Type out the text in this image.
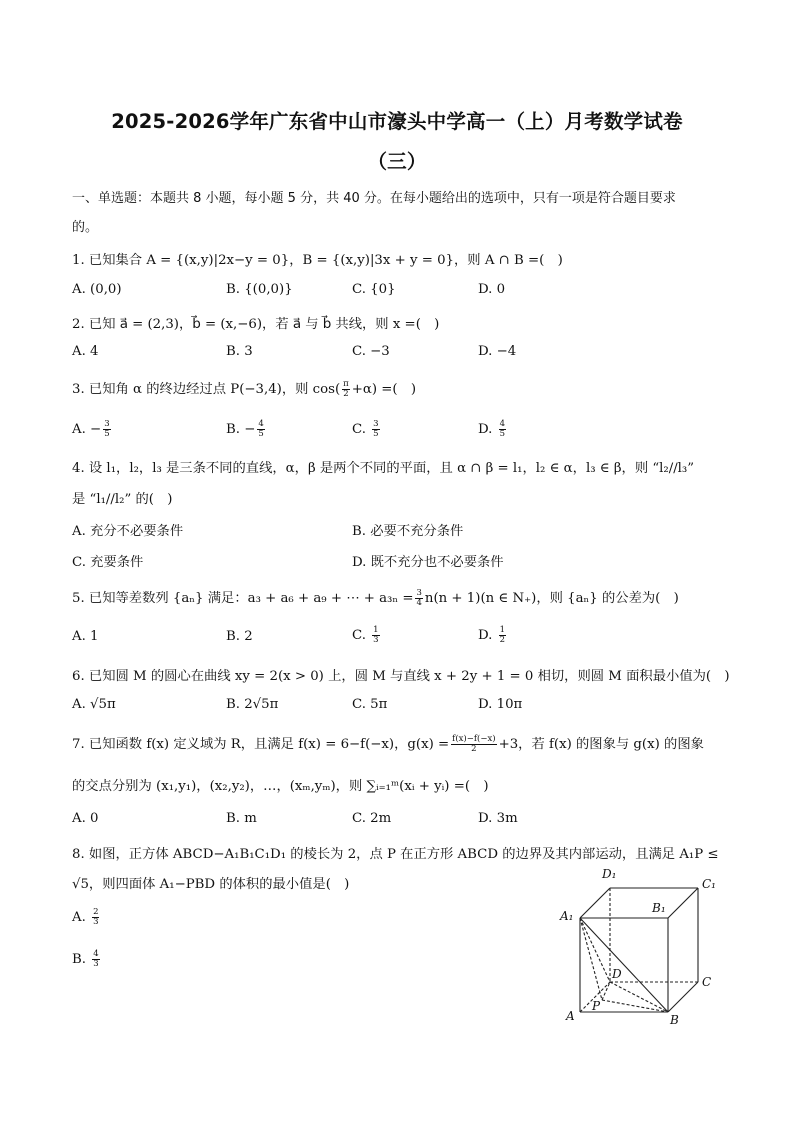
2025-2026学年广东省中山市濠头中学高一（上）月考数学试卷
（三）
一、单选题：本题共 8 小题，每小题 5 分，共 40 分。在每小题给出的选项中，只有一项是符合题目要求
的。
1. 已知集合 A = {(x,y)|2x−y = 0}，B = {(x,y)|3x + y = 0}，则 A ∩ B =(　)
A. (0,0)	B. {(0,0)}	C. {0}	D. 0
2. 已知 a⃗ = (2,3)，b⃗ = (x,−6)，若 a⃗ 与 b⃗ 共线，则 x =(　)
A. 4	B. 3	C. −3	D. −4
3. 已知角 α 的终边经过点 P(−3,4)，则 $\cos( \frac{\pi}{2} +\alpha)$ =(　)
A. − $\frac{3}{5}$	B. − $\frac{4}{5}$	C. $\frac{3}{5}$	D. $\frac{4}{5}$
4. 设 l₁，l₂，l₃ 是三条不同的直线，α，β 是两个不同的平面，且 α ∩ β = l₁，l₂ ∈ α，l₃ ∈ β，则 “l₂//l₃”
是 “l₁//l₂” 的(　)
A. 充分不必要条件	B. 必要不充分条件
C. 充要条件	D. 既不充分也不必要条件
5. 已知等差数列 {aₙ} 满足：a₃ + a₆ + a₉ + ⋯ + $a_{3n} = \frac{3}{4} n(n + 1)(n$ ∈ N₊)，则 {aₙ} 的公差为(　)
A. 1	B. 2	C. $\frac{1}{3}$	D. $\frac{1}{2}$
6. 已知圆 M 的圆心在曲线 xy = 2(x > 0) 上，圆 M 与直线 x + 2y + 1 = 0 相切，则圆 M 面积最小值为(　)
A. √5π	B. 2√5π	C. 5π	D. 10π
7. 已知函数 f(x) 定义域为 R，且满足 f(x) = 6−f(−x)，$g(x) = \frac{f(x)-f(-x)}{2} +3$，若 f(x) 的图象与 g(x) 的图象
的交点分别为 (x₁,y₁)，(x₂,y₂)，…，(xₘ,yₘ)，则 ∑ᵢ₌₁ᵐ(xᵢ + yᵢ) =(　)
A. 0	B. m	C. 2m	D. 3m
8. 如图，正方体 ABCD−A₁B₁C₁D₁ 的棱长为 2，点 P 在正方形 ABCD 的边界及其内部运动，且满足 A₁P ≤
√5，则四面体 A₁−PBD 的体积的最小值是(　)
A. $\frac{2}{3}$
B. $\frac{4}{3}$
D₁
C₁
B₁
A₁
D
C
A
P
B
